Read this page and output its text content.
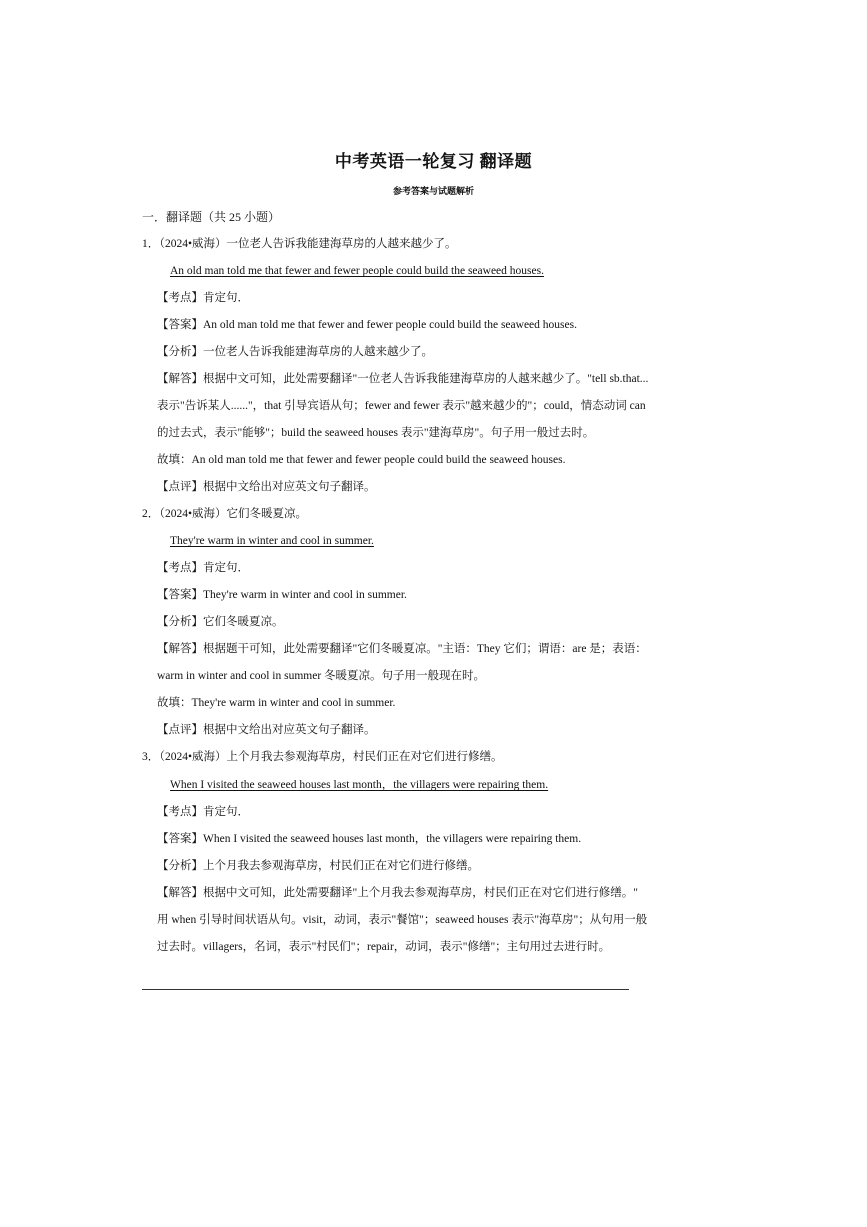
中考英语一轮复习 翻译题
参考答案与试题解析
一．翻译题（共 25 小题）
1．（2024•威海）一位老人告诉我能建海草房的人越来越少了。
An old man told me that fewer and fewer people could build the seaweed houses.
【考点】肯定句．
【答案】An old man told me that fewer and fewer people could build the seaweed houses.
【分析】一位老人告诉我能建海草房的人越来越少了。
【解答】根据中文可知，此处需要翻译"一位老人告诉我能建海草房的人越来越少了。"tell sb.that...
表示"告诉某人......"，that 引导宾语从句；fewer and fewer 表示"越来越少的"；could，情态动词 can
的过去式，表示"能够"；build the seaweed houses 表示"建海草房"。句子用一般过去时。
故填：An old man told me that fewer and fewer people could build the seaweed houses.
【点评】根据中文给出对应英文句子翻译。
2．（2024•威海）它们冬暖夏凉。
They're warm in winter and cool in summer.
【考点】肯定句．
【答案】They're warm in winter and cool in summer.
【分析】它们冬暖夏凉。
【解答】根据题干可知，此处需要翻译"它们冬暖夏凉。"主语：They 它们；谓语：are 是；表语：
warm in winter and cool in summer 冬暖夏凉。句子用一般现在时。
故填：They're warm in winter and cool in summer.
【点评】根据中文给出对应英文句子翻译。
3．（2024•威海）上个月我去参观海草房，村民们正在对它们进行修缮。
When I visited the seaweed houses last month，the villagers were repairing them.
【考点】肯定句．
【答案】When I visited the seaweed houses last month，the villagers were repairing them.
【分析】上个月我去参观海草房，村民们正在对它们进行修缮。
【解答】根据中文可知，此处需要翻译"上个月我去参观海草房，村民们正在对它们进行修缮。"
用 when 引导时间状语从句。visit，动词，表示"餐馆"；seaweed houses 表示"海草房"；从句用一般
过去时。villagers，名词，表示"村民们"；repair，动词，表示"修缮"；主句用过去进行时。
